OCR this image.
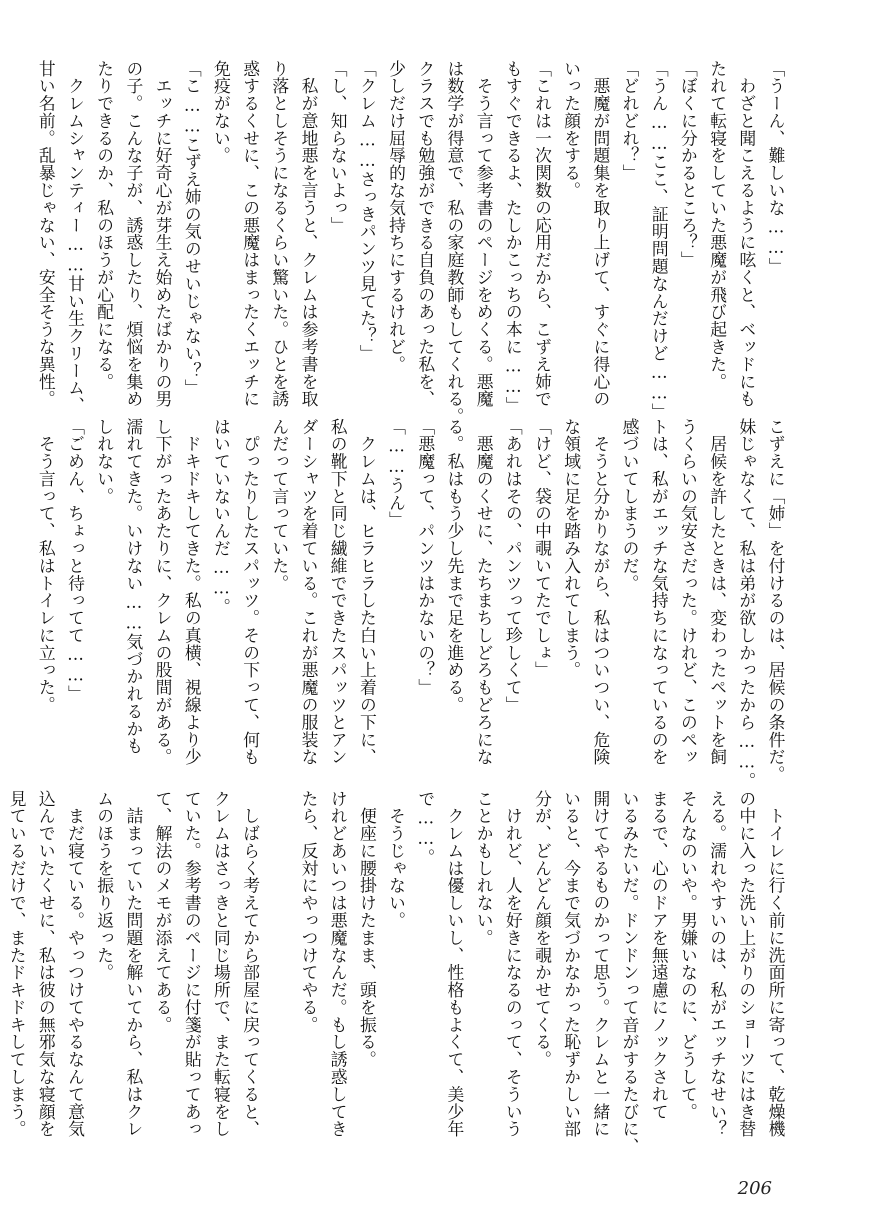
「うーん、難しいな……」
　わざと聞こえるように呟くと、ベッドにも
たれて転寝をしていた悪魔が飛び起きた。
「ぼくに分かるところ？」
「うん……ここ、証明問題なんだけど……」
「どれどれ？」
　悪魔が問題集を取り上げて、すぐに得心の
いった顔をする。
「これは一次関数の応用だから、こずえ姉で
もすぐできるよ、たしかこっちの本に……」
　そう言って参考書のページをめくる。悪魔
は数学が得意で、私の家庭教師もしてくれる。
クラスでも勉強ができる自負のあった私を、
少しだけ屈辱的な気持ちにするけれど。
「クレム……さっきパンツ見てた？」
「し、知らないよっ」
　私が意地悪を言うと、クレムは参考書を取
り落としそうになるくらい驚いた。ひとを誘
惑するくせに、この悪魔はまったくエッチに
免疫がない。
「こ……こずえ姉の気のせいじゃない？」
　エッチに好奇心が芽生え始めたばかりの男
の子。こんな子が、誘惑したり、煩悩を集め
たりできるのか、私のほうが心配になる。
　クレムシャンティー……甘い生クリーム、
甘い名前。乱暴じゃない、安全そうな異性。
こずえに「姉」を付けるのは、居候の条件だ。
妹じゃなくて、私は弟が欲しかったから……。
　居候を許したときは、変わったペットを飼
うくらいの気安さだった。けれど、このペッ
トは、私がエッチな気持ちになっているのを
感づいてしまうのだ。
　そうと分かりながら、私はついつい、危険
な領域に足を踏み入れてしまう。
「けど、袋の中覗いてたでしょ」
「あれはその、パンツって珍しくて」
　悪魔のくせに、たちまちしどろもどろにな
る。私はもう少し先まで足を進める。
「悪魔って、パンツはかないの？」
「……うん」
　クレムは、ヒラヒラした白い上着の下に、
私の靴下と同じ繊維でできたスパッツとアン
ダーシャツを着ている。これが悪魔の服装な
んだって言っていた。
　ぴったりしたスパッツ。その下って、何も
はいていないんだ……。
　ドキドキしてきた。私の真横、視線より少
し下がったあたりに、クレムの股間がある。
濡れてきた。いけない……気づかれるかも
しれない。
「ごめん、ちょっと待ってて……」
　そう言って、私はトイレに立った。
　トイレに行く前に洗面所に寄って、乾燥機
の中に入った洗い上がりのショーツにはき替
える。濡れやすいのは、私がエッチなせい？
そんなのいや。男嫌いなのに、どうして。
まるで、心のドアを無遠慮にノックされて
いるみたいだ。ドンドンって音がするたびに、
開けてやるものかって思う。クレムと一緒に
いると、今まで気づかなかった恥ずかしい部
分が、どんどん顔を覗かせてくる。
　けれど、人を好きになるのって、そういう
ことかもしれない。
　クレムは優しいし、性格もよくて、美少年
で……。
　そうじゃない。
　便座に腰掛けたまま、頭を振る。
けれどあいつは悪魔なんだ。もし誘惑してき
たら、反対にやっつけてやる。
　しばらく考えてから部屋に戻ってくると、
クレムはさっきと同じ場所で、また転寝をし
ていた。参考書のページに付箋が貼ってあっ
て、解法のメモが添えてある。
　詰まっていた問題を解いてから、私はクレ
ムのほうを振り返った。
　まだ寝ている。やっつけてやるなんて意気
込んでいたくせに、私は彼の無邪気な寝顔を
見ているだけで、またドキドキしてしまう。
206
